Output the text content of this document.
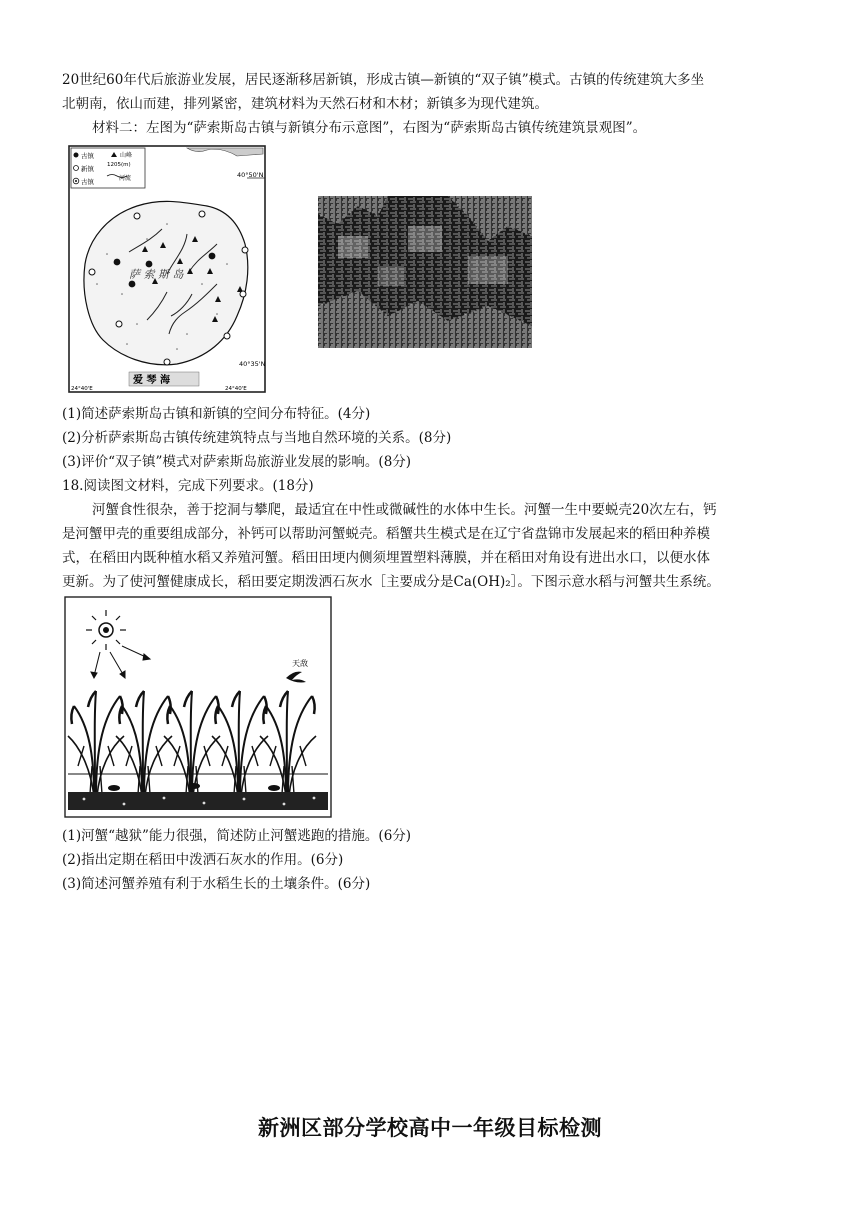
20世纪60年代后旅游业发展，居民逐渐移居新镇，形成古镇—新镇的“双子镇”模式。古镇的传统建筑大多坐
北朝南，依山而建，排列紧密，建筑材料为天然石材和木材；新镇多为现代建筑。
材料二：左图为“萨索斯岛古镇与新镇分布示意图”，右图为“萨索斯岛古镇传统建筑景观图”。
古镇
新镇
古镇
山峰
1205(m)
河流	40°50'N
40°35'N
24°40'E	24°40'E
萨 索 斯 岛
爱 琴 海
(1)简述萨索斯岛古镇和新镇的空间分布特征。(4分)
(2)分析萨索斯岛古镇传统建筑特点与当地自然环境的关系。(8分)
(3)评价“双子镇”模式对萨索斯岛旅游业发展的影响。(8分)
18.阅读图文材料，完成下列要求。(18分)
河蟹食性很杂，善于挖洞与攀爬，最适宜在中性或微碱性的水体中生长。河蟹一生中要蜕壳20次左右，钙
是河蟹甲壳的重要组成部分，补钙可以帮助河蟹蜕壳。稻蟹共生模式是在辽宁省盘锦市发展起来的稻田种养模
式，在稻田内既种植水稻又养殖河蟹。稻田田埂内侧须埋置塑料薄膜，并在稻田对角设有进出水口，以便水体
更新。为了使河蟹健康成长，稻田要定期泼洒石灰水［主要成分是Ca(OH)₂］。下图示意水稻与河蟹共生系统。
天敌
(1)河蟹“越狱”能力很强，简述防止河蟹逃跑的措施。(6分)
(2)指出定期在稻田中泼洒石灰水的作用。(6分)
(3)简述河蟹养殖有利于水稻生长的土壤条件。(6分)
新洲区部分学校高中一年级目标检测
